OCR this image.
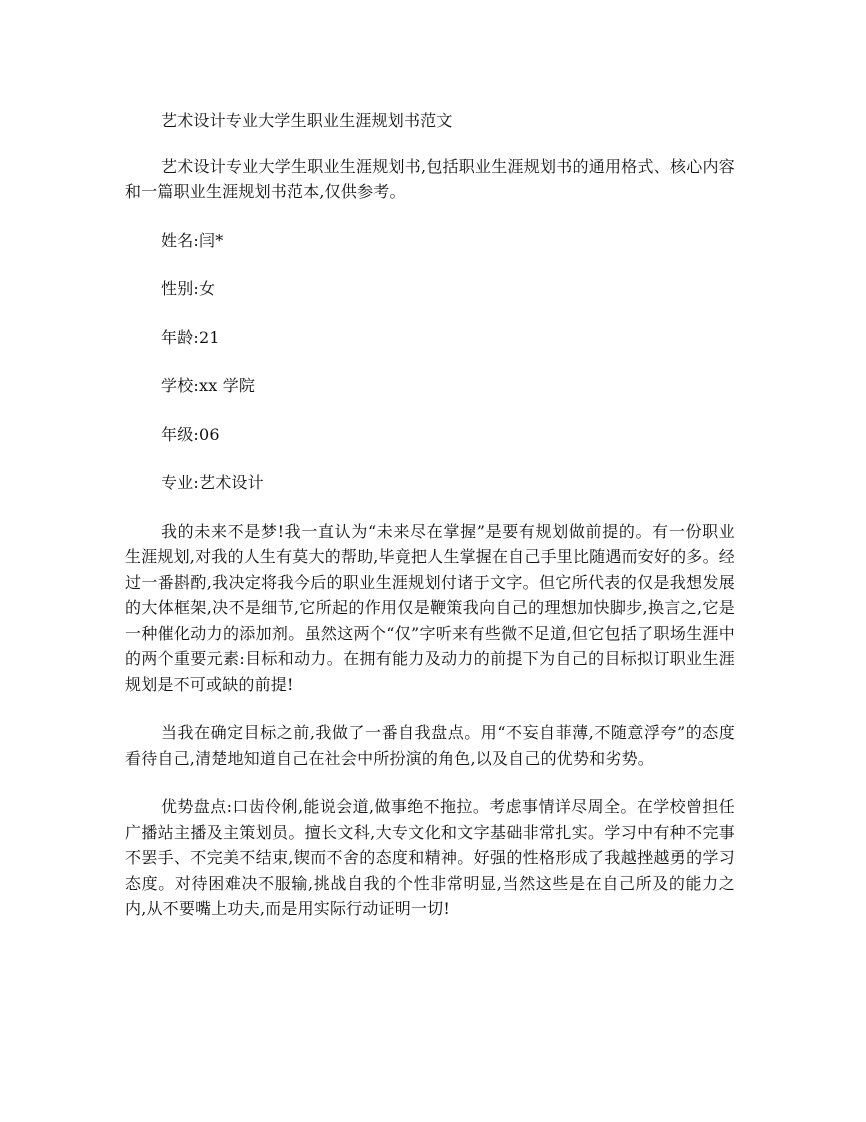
艺术设计专业大学生职业生涯规划书范文

艺术设计专业大学生职业生涯规划书,包括职业生涯规划书的通用格式、核心内容和一篇职业生涯规划书范本,仅供参考。

姓名:闫*

性别:女

年龄:21

学校:xx 学院

年级:06

专业:艺术设计

我的未来不是梦!我一直认为“未来尽在掌握”是要有规划做前提的。有一份职业生涯规划,对我的人生有莫大的帮助,毕竟把人生掌握在自己手里比随遇而安好的多。经过一番斟酌,我决定将我今后的职业生涯规划付诸于文字。但它所代表的仅是我想发展的大体框架,决不是细节,它所起的作用仅是鞭策我向自己的理想加快脚步,换言之,它是一种催化动力的添加剂。虽然这两个“仅”字听来有些微不足道,但它包括了职场生涯中的两个重要元素:目标和动力。在拥有能力及动力的前提下为自己的目标拟订职业生涯规划是不可或缺的前提!

当我在确定目标之前,我做了一番自我盘点。用“不妄自菲薄,不随意浮夸”的态度看待自己,清楚地知道自己在社会中所扮演的角色,以及自己的优势和劣势。

优势盘点:口齿伶俐,能说会道,做事绝不拖拉。考虑事情详尽周全。在学校曾担任广播站主播及主策划员。擅长文科,大专文化和文字基础非常扎实。学习中有种不完事不罢手、不完美不结束,锲而不舍的态度和精神。好强的性格形成了我越挫越勇的学习态度。对待困难决不服输,挑战自我的个性非常明显,当然这些是在自己所及的能力之内,从不要嘴上功夫,而是用实际行动证明一切!
